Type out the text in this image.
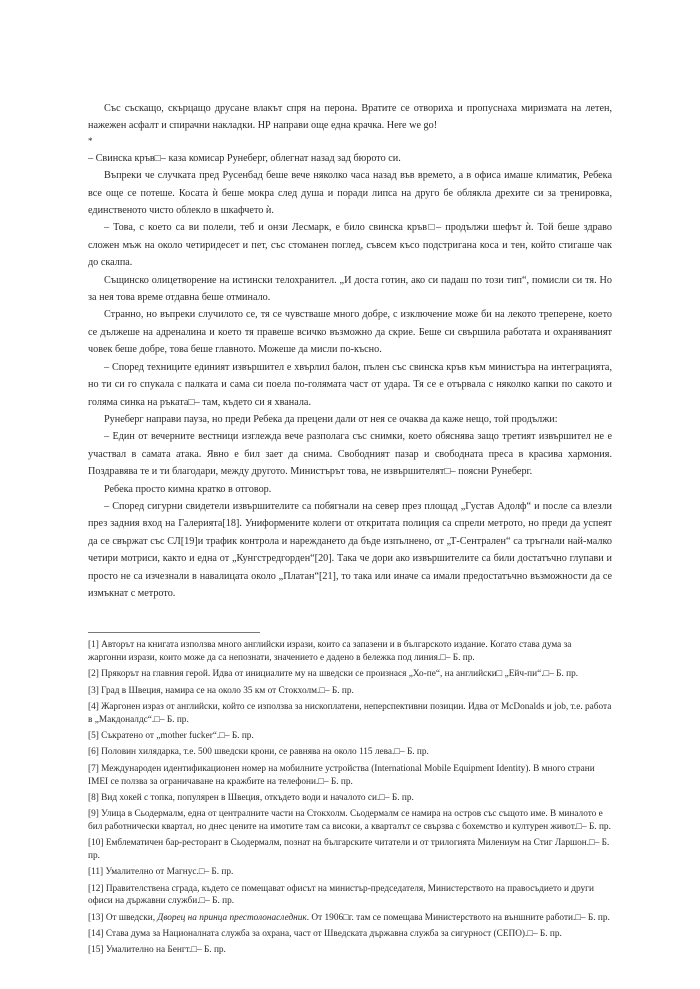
Със съскащо, скърцащо друсане влакът спря на перона. Вратите се отвориха и пропуснаха миризмата на летен, нажежен асфалт и спирачни накладки. НР направи още една крачка. Here we go!

*

– Свинска кръв□– каза комисар Рунеберг, облегнат назад зад бюрото си.

Въпреки че случката пред Русенбад беше вече няколко часа назад във времето, а в офиса имаше климатик, Ребека все още се потеше. Косата ѝ беше мокра след душа и поради липса на друго бе облякла дрехите си за тренировка, единственото чисто облекло в шкафчето ѝ.

– Това, с което са ви полели, теб и онзи Лесмарк, е било свинска кръв□– продължи шефът ѝ. Той беше здраво сложен мъж на около четиридесет и пет, със стоманен поглед, съвсем късо подстригана коса и тен, който стигаше чак до скалпа.

Същинско олицетворение на истински телохранител. „И доста готин, ако си падаш по този тип“, помисли си тя. Но за нея това време отдавна беше отминало.

Странно, но въпреки случилото се, тя се чувстваше много добре, с изключение може би на лекото треперене, което се дължеше на адреналина и което тя правеше всичко възможно да скрие. Беше си свършила работата и охраняваният човек беше добре, това беше главното. Можеше да мисли по-късно.

– Според техниците единият извършител е хвърлил балон, пълен със свинска кръв към министъра на интеграцията, но ти си го спукала с палката и сама си поела по-голямата част от удара. Тя се е отървала с няколко капки по сакото и голяма синка на ръката□– там, където си я хванала.

Рунеберг направи пауза, но преди Ребека да прецени дали от нея се очаква да каже нещо, той продължи:

– Един от вечерните вестници изглежда вече разполага със снимки, което обяснява защо третият извършител не е участвал в самата атака. Явно е бил зает да снима. Свободният пазар и свободната преса в красива хармония. Поздравява те и ти благодари, между другото. Министърът това, не извършителят□– поясни Рунеберг.

Ребека просто кимна кратко в отговор.

– Според сигурни свидетели извършителите са побягнали на север през площад „Густав Адолф“ и после са влезли през задния вход на Галерията[18]. Униформените колеги от откритата полиция са спрели метрото, но преди да успеят да се свържат със СЛ[19]и трафик контрола и нареждането да бъде изпълнено, от „Т-Сентрален“ са тръгнали най-малко четири мотриси, както и една от „Кунгстредгорден“[20]. Така че дори ако извършителите са били достатъчно глупави и просто не са изчезнали в навалицата около „Платан“[21], то така или иначе са имали предостатъчно възможности да се измъкнат с метрото.

[1] Авторът на книгата използва много английски изрази, които са запазени и в българското издание. Когато става дума за жаргонни изрази, които може да са непознати, значението е дадено в бележка под линия.□– Б. пр.

[2] Прякорът на главния герой. Идва от инициалите му на шведски се произнася „Хо-пе“, на английски□ „Ейч-пи“.□– Б. пр.

[3] Град в Швеция, намира се на около 35 км от Стокхолм.□– Б. пр.

[4] Жаргонен израз от английски, който се използва за нископлатени, неперспективни позиции. Идва от McDonalds и job, т.е. работа в „Макдоналдс“.□– Б. пр.

[5] Съкратено от „mother fucker“.□– Б. пр.

[6] Половин хилядарка, т.е. 500 шведски крони, се равнява на около 115 лева.□– Б. пр.

[7] Международен идентификационен номер на мобилните устройства (International Mobile Equipment Identity). В много страни IMEI се ползва за ограничаване на кражбите на телефони.□– Б. пр.

[8] Вид хокей с топка, популярен в Швеция, откъдето води и началото си.□– Б. пр.

[9] Улица в Сьодермалм, една от централните части на Стокхолм. Сьодермалм се намира на остров със същото име. В миналото е бил работнически квартал, но днес цените на имотите там са високи, а кварталът се свързва с бохемство и културен живот.□– Б. пр.

[10] Емблематичен бар-ресторант в Сьодермалм, познат на българските читатели и от трилогията Милениум на Стиг Ларшон.□– Б. пр.

[11] Умалително от Магнус.□– Б. пр.

[12] Правителствена сграда, където се помещават офисът на министър-председателя, Министерството на правосъдието и други офиси на държавни служби.□– Б. пр.

[13] От шведски, Дворец на принца престолонаследник. От 1906□г. там се помещава Министерството на външните работи.□– Б. пр.

[14] Става дума за Националната служба за охрана, част от Шведската държавна служба за сигурност (СЕПО).□– Б. пр.

[15] Умалително на Бенгт.□– Б. пр.
